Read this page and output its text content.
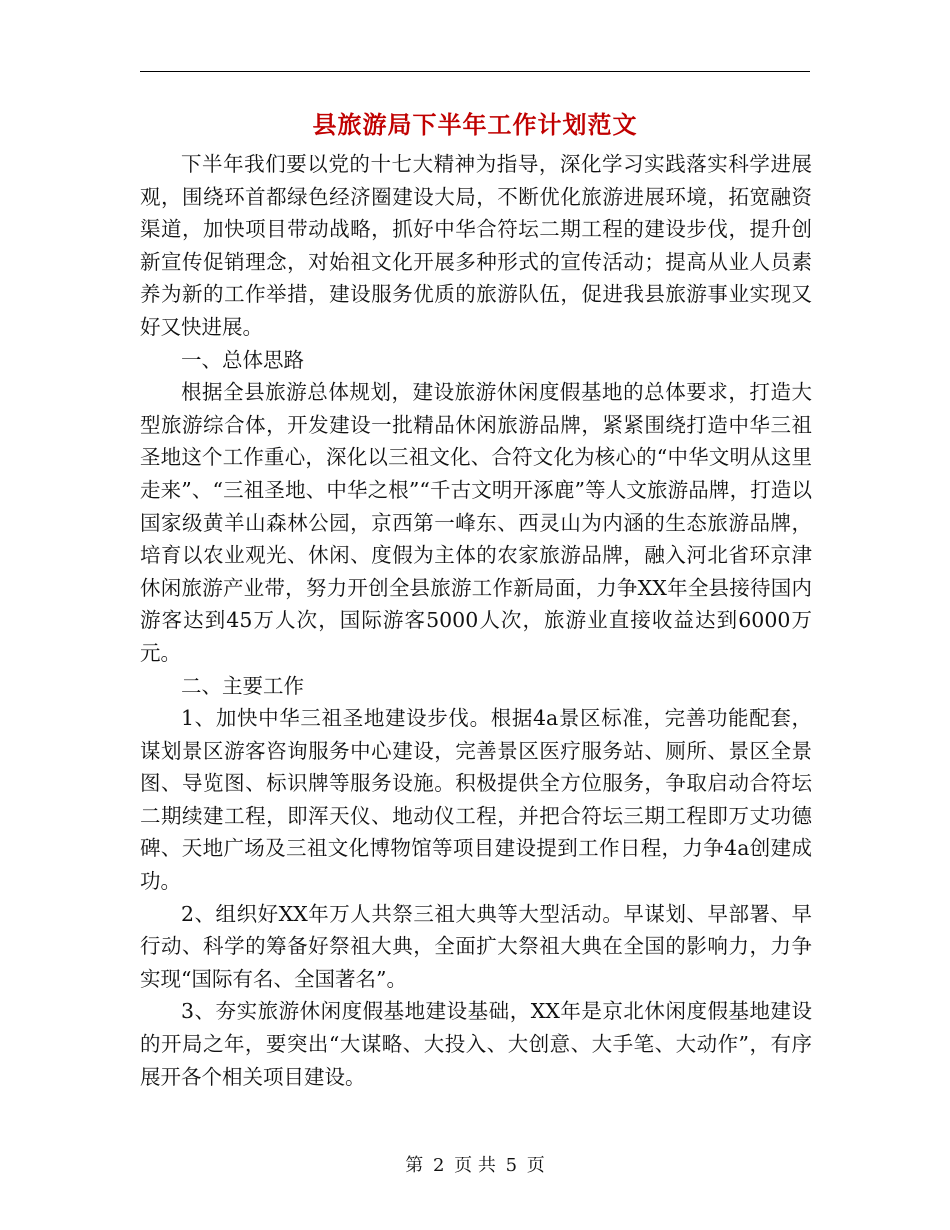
县旅游局下半年工作计划范文

下半年我们要以党的十七大精神为指导，深化学习实践落实科学进展观，围绕环首都绿色经济圈建设大局，不断优化旅游进展环境，拓宽融资渠道，加快项目带动战略，抓好中华合符坛二期工程的建设步伐，提升创新宣传促销理念，对始祖文化开展多种形式的宣传活动；提高从业人员素养为新的工作举措，建设服务优质的旅游队伍，促进我县旅游事业实现又好又快进展。

一、总体思路

根据全县旅游总体规划，建设旅游休闲度假基地的总体要求，打造大型旅游综合体，开发建设一批精品休闲旅游品牌，紧紧围绕打造中华三祖圣地这个工作重心，深化以三祖文化、合符文化为核心的“中华文明从这里走来”、“三祖圣地、中华之根”“千古文明开涿鹿”等人文旅游品牌，打造以国家级黄羊山森林公园，京西第一峰东、西灵山为内涵的生态旅游品牌，培育以农业观光、休闲、度假为主体的农家旅游品牌，融入河北省环京津休闲旅游产业带，努力开创全县旅游工作新局面，力争XX年全县接待国内游客达到45万人次，国际游客5000人次，旅游业直接收益达到6000万元。

二、主要工作

1、加快中华三祖圣地建设步伐。根据4a景区标准，完善功能配套，谋划景区游客咨询服务中心建设，完善景区医疗服务站、厕所、景区全景图、导览图、标识牌等服务设施。积极提供全方位服务，争取启动合符坛二期续建工程，即浑天仪、地动仪工程，并把合符坛三期工程即万丈功德碑、天地广场及三祖文化博物馆等项目建设提到工作日程，力争4a创建成功。

2、组织好XX年万人共祭三祖大典等大型活动。早谋划、早部署、早行动、科学的筹备好祭祖大典，全面扩大祭祖大典在全国的影响力，力争实现“国际有名、全国著名”。

3、夯实旅游休闲度假基地建设基础，XX年是京北休闲度假基地建设的开局之年，要突出“大谋略、大投入、大创意、大手笔、大动作”，有序展开各个相关项目建设。

第 2 页 共 5 页
